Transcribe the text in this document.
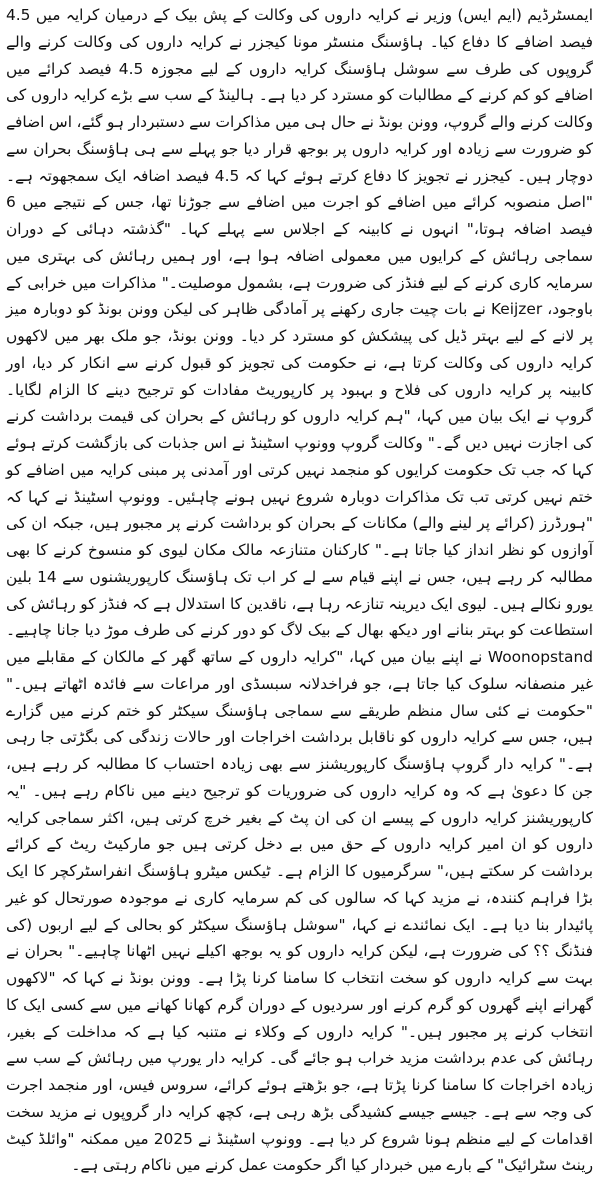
ایمسٹرڈیم (ایم ایس) وزیر نے کرایہ داروں کی وکالت کے پش بیک کے درمیان کرایہ میں 4.5 فیصد اضافے کا دفاع کیا۔ ہاؤسنگ منسٹر مونا کیجزر نے کرایہ داروں کی وکالت کرنے والے گروپوں کی طرف سے سوشل ہاؤسنگ کرایہ داروں کے لیے مجوزہ 4.5 فیصد کرائے میں اضافے کو کم کرنے کے مطالبات کو مسترد کر دیا ہے۔ ہالینڈ کے سب سے بڑے کرایہ داروں کی وکالت کرنے والے گروپ، وونن بونڈ نے حال ہی میں مذاکرات سے دستبردار ہو گئے، اس اضافے کو ضرورت سے زیادہ اور کرایہ داروں پر بوجھ قرار دیا جو پہلے سے ہی ہاؤسنگ بحران سے دوچار ہیں۔ کیجزر نے تجویز کا دفاع کرتے ہوئے کہا کہ 4.5 فیصد اضافہ ایک سمجھوتہ ہے۔ "اصل منصوبہ کرائے میں اضافے کو اجرت میں اضافے سے جوڑنا تھا، جس کے نتیجے میں 6 فیصد اضافہ ہوتا،" انہوں نے کابینہ کے اجلاس سے پہلے کہا۔ "گذشتہ دہائی کے دوران سماجی رہائش کے کرایوں میں معمولی اضافہ ہوا ہے، اور ہمیں رہائش کی بہتری میں سرمایہ کاری کرنے کے لیے فنڈز کی ضرورت ہے، بشمول موصلیت۔" مذاکرات میں خرابی کے باوجود، Keijzer نے بات چیت جاری رکھنے پر آمادگی ظاہر کی لیکن وونن بونڈ کو دوبارہ میز پر لانے کے لیے بہتر ڈیل کی پیشکش کو مسترد کر دیا۔ وونن بونڈ، جو ملک بھر میں لاکھوں کرایہ داروں کی وکالت کرتا ہے، نے حکومت کی تجویز کو قبول کرنے سے انکار کر دیا، اور کابینہ پر کرایہ داروں کی فلاح و بہبود پر کارپوریٹ مفادات کو ترجیح دینے کا الزام لگایا۔ گروپ نے ایک بیان میں کہا، "ہم کرایہ داروں کو رہائش کے بحران کی قیمت برداشت کرنے کی اجازت نہیں دیں گے۔" وکالت گروپ وونوپ اسٹینڈ نے اس جذبات کی بازگشت کرتے ہوئے کہا کہ جب تک حکومت کرایوں کو منجمد نہیں کرتی اور آمدنی پر مبنی کرایہ میں اضافے کو ختم نہیں کرتی تب تک مذاکرات دوبارہ شروع نہیں ہونے چاہئیں۔ وونوپ اسٹینڈ نے کہا کہ "ہورڈرز (کرائے پر لینے والے) مکانات کے بحران کو برداشت کرنے پر مجبور ہیں، جبکہ ان کی آوازوں کو نظر انداز کیا جاتا ہے۔" کارکنان متنازعہ مالک مکان لیوی کو منسوخ کرنے کا بھی مطالبہ کر رہے ہیں، جس نے اپنے قیام سے لے کر اب تک ہاؤسنگ کارپوریشنوں سے 14 بلین یورو نکالے ہیں۔ لیوی ایک دیرینہ تنازعہ رہا ہے، ناقدین کا استدلال ہے کہ فنڈز کو رہائش کی استطاعت کو بہتر بنانے اور دیکھ بھال کے بیک لاگ کو دور کرنے کی طرف موڑ دیا جانا چاہیے۔ Woonopstand نے اپنے بیان میں کہا، "کرایہ داروں کے ساتھ گھر کے مالکان کے مقابلے میں غیر منصفانہ سلوک کیا جاتا ہے، جو فراخدلانہ سبسڈی اور مراعات سے فائدہ اٹھاتے ہیں۔" "حکومت نے کئی سال منظم طریقے سے سماجی ہاؤسنگ سیکٹر کو ختم کرنے میں گزارے ہیں، جس سے کرایہ داروں کو ناقابل برداشت اخراجات اور حالات زندگی کی بگڑتی جا رہی ہے۔" کرایہ دار گروپ ہاؤسنگ کارپوریشنز سے بھی زیادہ احتساب کا مطالبہ کر رہے ہیں، جن کا دعویٰ ہے کہ وہ کرایہ داروں کی ضروریات کو ترجیح دینے میں ناکام رہے ہیں۔ "یہ کارپوریشنز کرایہ داروں کے پیسے ان کی ان پٹ کے بغیر خرچ کرتی ہیں، اکثر سماجی کرایہ داروں کو ان امیر کرایہ داروں کے حق میں بے دخل کرتی ہیں جو مارکیٹ ریٹ کے کرائے برداشت کر سکتے ہیں،" سرگرمیوں کا الزام ہے۔ ٹیکس میٹرو ہاؤسنگ انفراسٹرکچر کا ایک بڑا فراہم کنندہ، نے مزید کہا کہ سالوں کی کم سرمایہ کاری نے موجودہ صورتحال کو غیر پائیدار بنا دیا ہے۔ ایک نمائندے نے کہا، "سوشل ہاؤسنگ سیکٹر کو بحالی کے لیے اربوں (کی فنڈنگ ؟؟ کی ضرورت ہے، لیکن کرایہ داروں کو یہ بوجھ اکیلے نہیں اٹھانا چاہیے۔" بحران نے بہت سے کرایہ داروں کو سخت انتخاب کا سامنا کرنا پڑا ہے۔ وونن بونڈ نے کہا کہ "لاکھوں گھرانے اپنے گھروں کو گرم کرنے اور سردیوں کے دوران گرم کھانا کھانے میں سے کسی ایک کا انتخاب کرنے پر مجبور ہیں۔" کرایہ داروں کے وکلاء نے متنبہ کیا ہے کہ مداخلت کے بغیر، رہائش کی عدم برداشت مزید خراب ہو جائے گی۔ کرایہ دار یورپ میں رہائش کے سب سے زیادہ اخراجات کا سامنا کرنا پڑتا ہے، جو بڑھتے ہوئے کرائے، سروس فیس، اور منجمد اجرت کی وجہ سے ہے۔ جیسے جیسے کشیدگی بڑھ رہی ہے، کچھ کرایہ دار گروپوں نے مزید سخت اقدامات کے لیے منظم ہونا شروع کر دیا ہے۔ وونوپ اسٹینڈ نے 2025 میں ممکنہ "وائلڈ کیٹ رینٹ سٹرائیک" کے بارے میں خبردار کیا اگر حکومت عمل کرنے میں ناکام رہتی ہے۔
